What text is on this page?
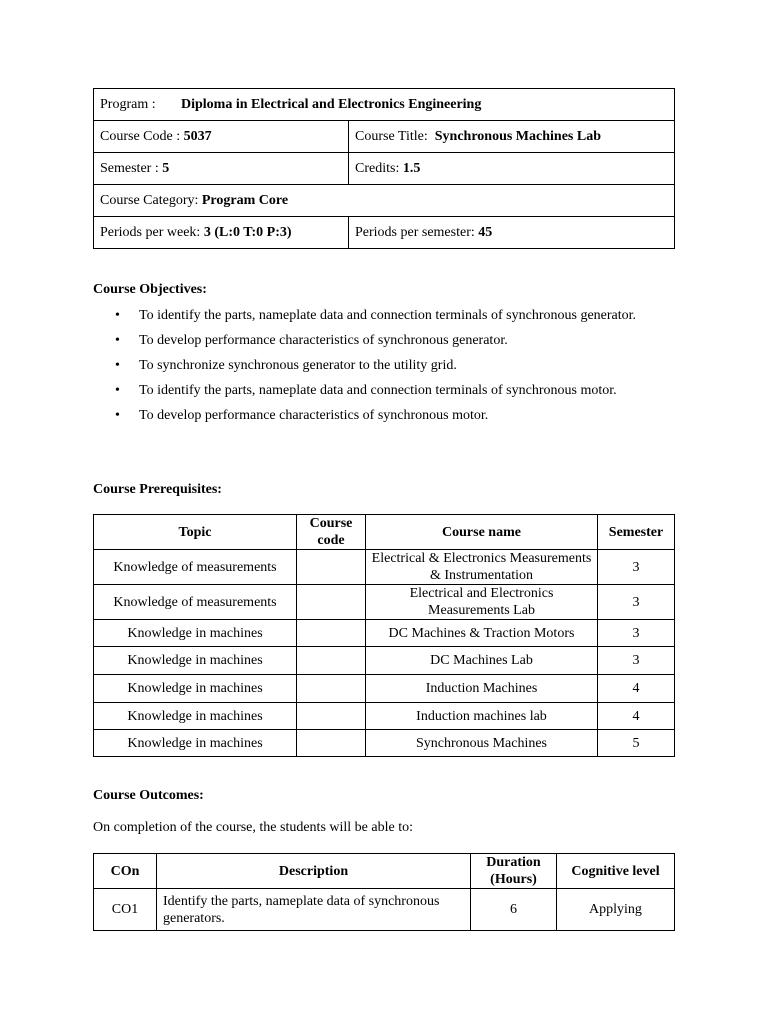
Program : Diploma in Electrical and Electronics Engineering	
Course Code : 5037	Course Title: Synchronous Machines Lab
Semester : 5	Credits: 1.5
Course Category: Program Core	
Periods per week: 3 (L:0 T:0 P:3)	Periods per semester: 45
Course Objectives:
• To identify the parts, nameplate data and connection terminals of synchronous generator.
• To develop performance characteristics of synchronous generator.
• To synchronize synchronous generator to the utility grid.
• To identify the parts, nameplate data and connection terminals of synchronous motor.
• To develop performance characteristics of synchronous motor.
Course Prerequisites:
Topic	Course code	Course name	Semester
Knowledge of measurements		Electrical & Electronics Measurements & Instrumentation	3
Knowledge of measurements		Electrical and Electronics Measurements Lab	3
Knowledge in machines		DC Machines & Traction Motors	3
Knowledge in machines		DC Machines Lab	3
Knowledge in machines		Induction Machines	4
Knowledge in machines		Induction machines lab	4
Knowledge in machines		Synchronous Machines	5
Course Outcomes:
On completion of the course, the students will be able to:
COn	Description	Duration (Hours)	Cognitive level
CO1	Identify the parts, nameplate data of synchronous generators.	6	Applying
